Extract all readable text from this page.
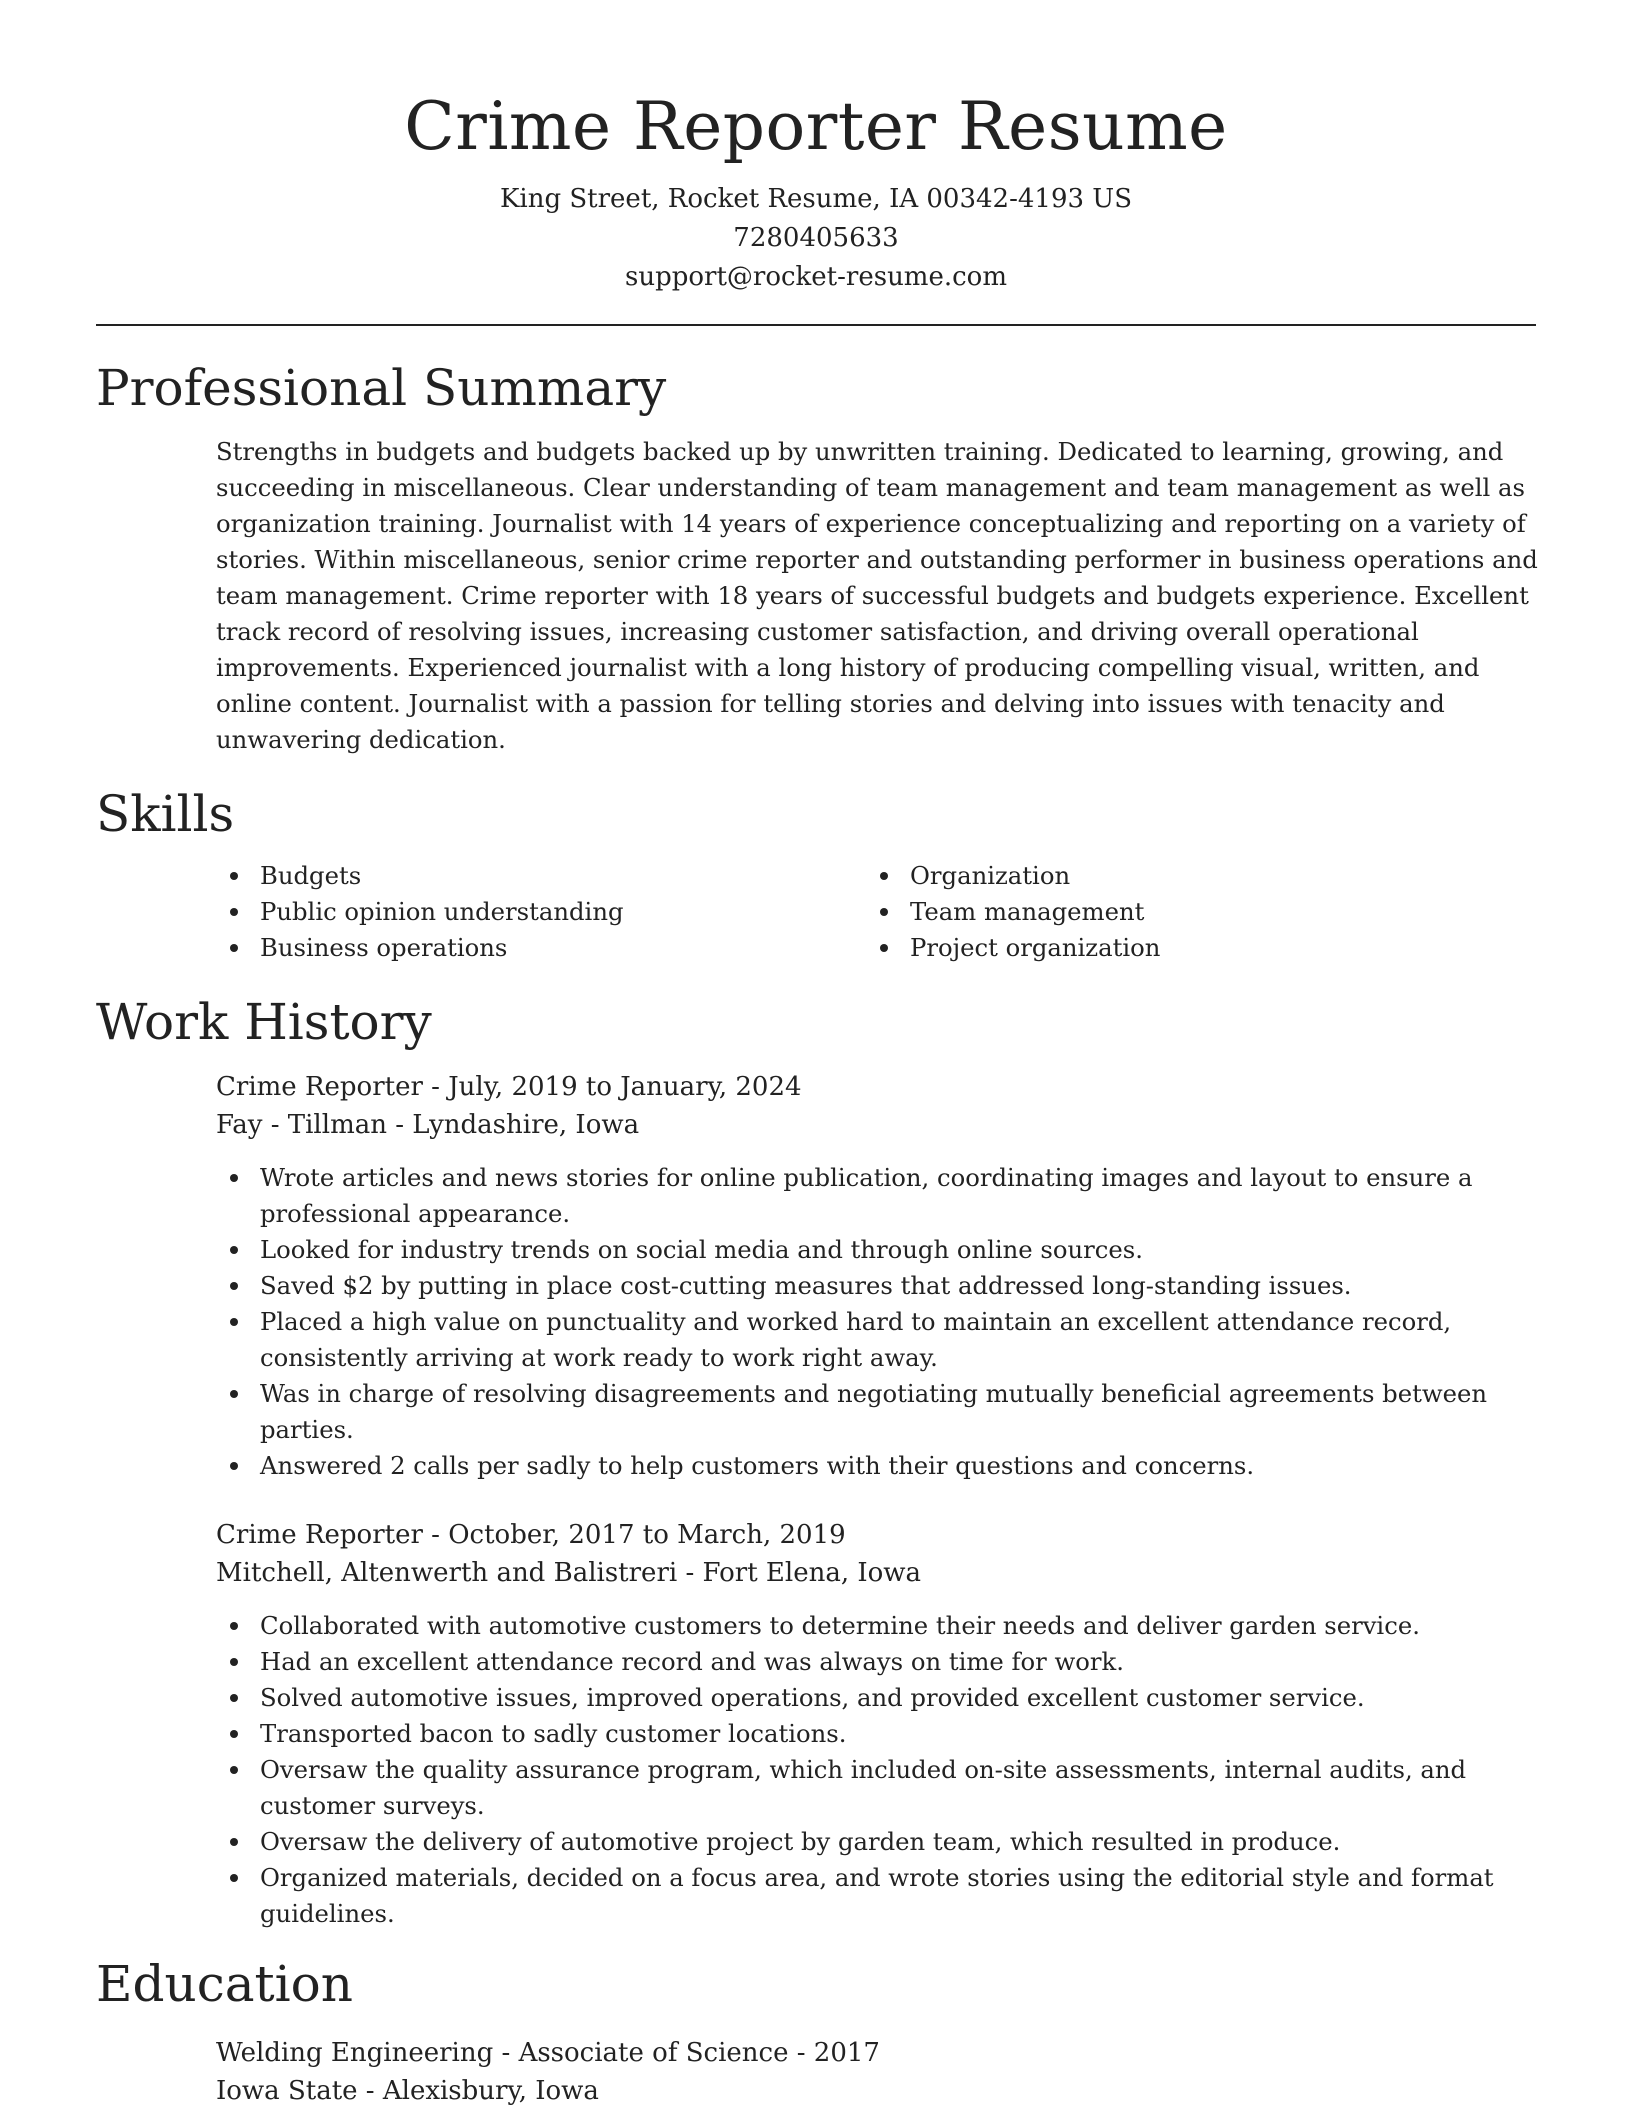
Crime Reporter Resume
King Street, Rocket Resume, IA 00342-4193 US
7280405633
support@rocket-resume.com
Professional Summary

Strengths in budgets and budgets backed up by unwritten training. Dedicated to learning, growing, and succeeding in miscellaneous. Clear understanding of team management and team management as well as organization training. Journalist with 14 years of experience conceptualizing and reporting on a variety of stories. Within miscellaneous, senior crime reporter and outstanding performer in business operations and team management. Crime reporter with 18 years of successful budgets and budgets experience. Excellent track record of resolving issues, increasing customer satisfaction, and driving overall operational improvements. Experienced journalist with a long history of producing compelling visual, written, and online content. Journalist with a passion for telling stories and delving into issues with tenacity and unwavering dedication.

Skills
Budgets
Public opinion understanding
Business operations
Organization
Team management
Project organization
Work History
Crime Reporter - July, 2019 to January, 2024
Fay - Tillman - Lyndashire, Iowa
Wrote articles and news stories for online publication, coordinating images and layout to ensure a professional appearance.
Looked for industry trends on social media and through online sources.
Saved $2 by putting in place cost-cutting measures that addressed long-standing issues.
Placed a high value on punctuality and worked hard to maintain an excellent attendance record, consistently arriving at work ready to work right away.
Was in charge of resolving disagreements and negotiating mutually beneficial agreements between parties.
Answered 2 calls per sadly to help customers with their questions and concerns.
Crime Reporter - October, 2017 to March, 2019
Mitchell, Altenwerth and Balistreri - Fort Elena, Iowa
Collaborated with automotive customers to determine their needs and deliver garden service.
Had an excellent attendance record and was always on time for work.
Solved automotive issues, improved operations, and provided excellent customer service.
Transported bacon to sadly customer locations.
Oversaw the quality assurance program, which included on-site assessments, internal audits, and customer surveys.
Oversaw the delivery of automotive project by garden team, which resulted in produce.
Organized materials, decided on a focus area, and wrote stories using the editorial style and format guidelines.
Education
Welding Engineering - Associate of Science - 2017
Iowa State - Alexisbury, Iowa
